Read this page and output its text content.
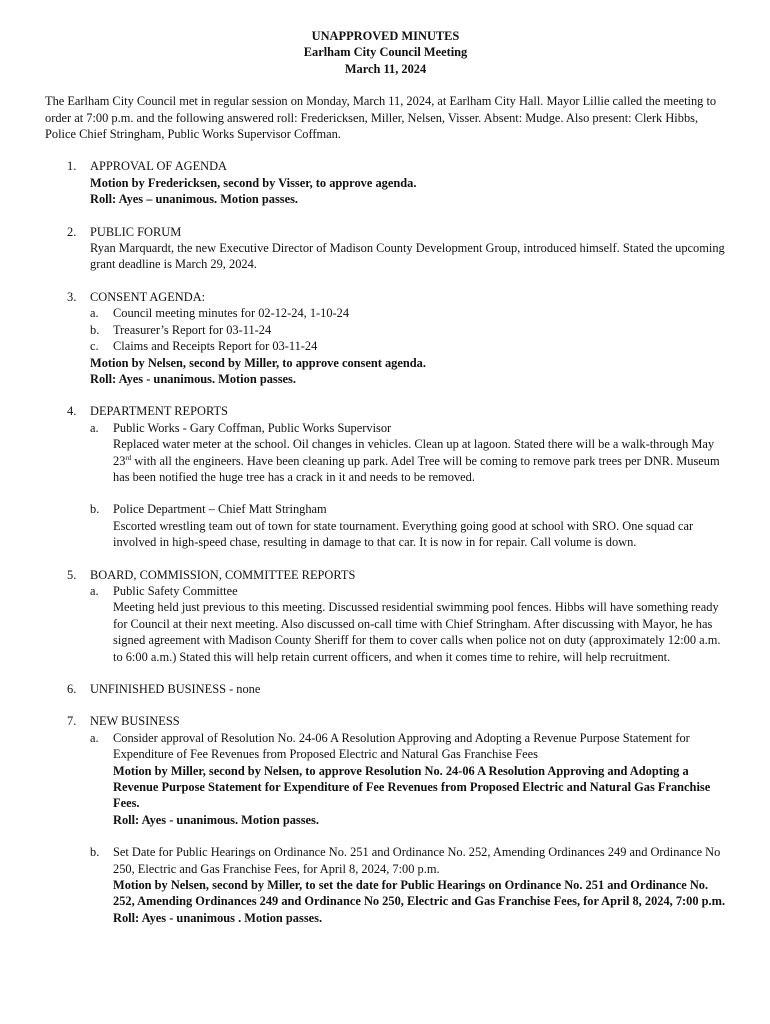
UNAPPROVED MINUTES
Earlham City Council Meeting
March 11, 2024
The Earlham City Council met in regular session on Monday, March 11, 2024, at Earlham City Hall. Mayor Lillie called the meeting to order at 7:00 p.m. and the following answered roll: Fredericksen, Miller, Nelsen, Visser. Absent: Mudge. Also present: Clerk Hibbs, Police Chief Stringham, Public Works Supervisor Coffman.
1. APPROVAL OF AGENDA
Motion by Fredericksen, second by Visser, to approve agenda.
Roll: Ayes – unanimous. Motion passes.
2. PUBLIC FORUM
Ryan Marquardt, the new Executive Director of Madison County Development Group, introduced himself. Stated the upcoming grant deadline is March 29, 2024.
3. CONSENT AGENDA:
a. Council meeting minutes for 02-12-24, 1-10-24
b. Treasurer’s Report for 03-11-24
c. Claims and Receipts Report for 03-11-24
Motion by Nelsen, second by Miller, to approve consent agenda.
Roll: Ayes - unanimous. Motion passes.
4. DEPARTMENT REPORTS
a. Public Works - Gary Coffman, Public Works Supervisor
Replaced water meter at the school. Oil changes in vehicles. Clean up at lagoon. Stated there will be a walk-through May 23rd with all the engineers. Have been cleaning up park. Adel Tree will be coming to remove park trees per DNR. Museum has been notified the huge tree has a crack in it and needs to be removed.
b. Police Department – Chief Matt Stringham
Escorted wrestling team out of town for state tournament. Everything going good at school with SRO. One squad car involved in high-speed chase, resulting in damage to that car. It is now in for repair. Call volume is down.
5. BOARD, COMMISSION, COMMITTEE REPORTS
a. Public Safety Committee
Meeting held just previous to this meeting. Discussed residential swimming pool fences. Hibbs will have something ready for Council at their next meeting. Also discussed on-call time with Chief Stringham. After discussing with Mayor, he has signed agreement with Madison County Sheriff for them to cover calls when police not on duty (approximately 12:00 a.m. to 6:00 a.m.) Stated this will help retain current officers, and when it comes time to rehire, will help recruitment.
6. UNFINISHED BUSINESS - none
7. NEW BUSINESS
a. Consider approval of Resolution No. 24-06 A Resolution Approving and Adopting a Revenue Purpose Statement for Expenditure of Fee Revenues from Proposed Electric and Natural Gas Franchise Fees
Motion by Miller, second by Nelsen, to approve Resolution No. 24-06 A Resolution Approving and Adopting a Revenue Purpose Statement for Expenditure of Fee Revenues from Proposed Electric and Natural Gas Franchise Fees.
Roll: Ayes - unanimous. Motion passes.
b. Set Date for Public Hearings on Ordinance No. 251 and Ordinance No. 252, Amending Ordinances 249 and Ordinance No 250, Electric and Gas Franchise Fees, for April 8, 2024, 7:00 p.m.
Motion by Nelsen, second by Miller, to set the date for Public Hearings on Ordinance No. 251 and Ordinance No. 252, Amending Ordinances 249 and Ordinance No 250, Electric and Gas Franchise Fees, for April 8, 2024, 7:00 p.m.
Roll: Ayes - unanimous . Motion passes.
